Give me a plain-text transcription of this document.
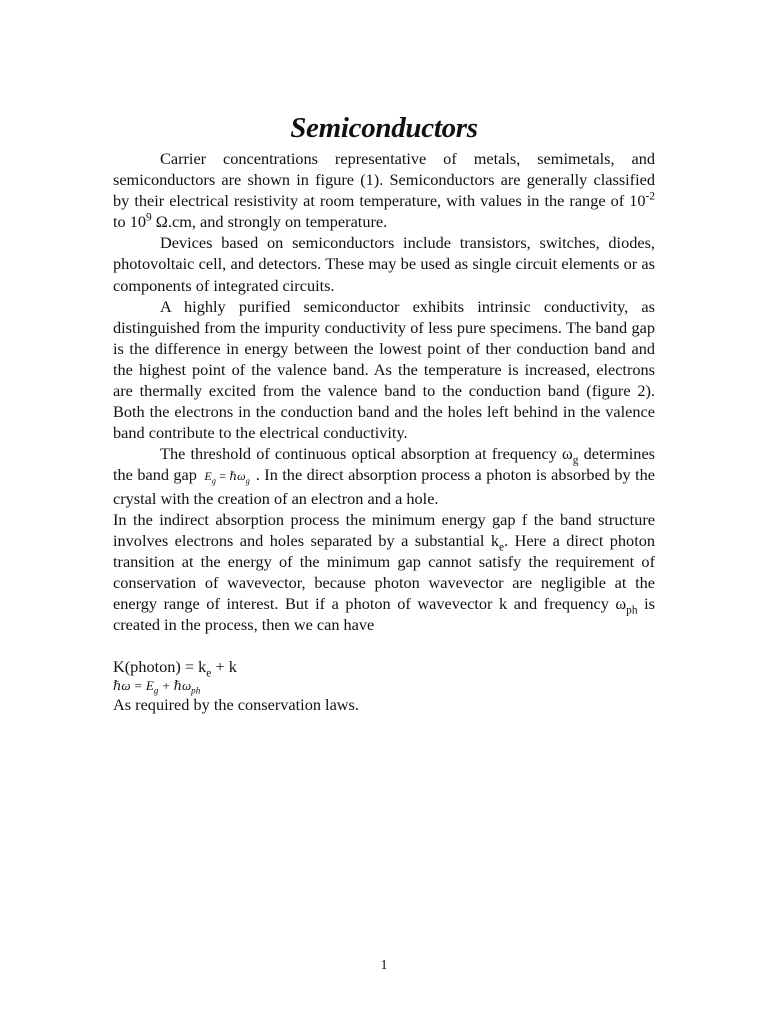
Semiconductors

Carrier concentrations representative of metals, semimetals, and semiconductors are shown in figure (1). Semiconductors are generally classified by their electrical resistivity at room temperature, with values in the range of $10^{-2}$ to $10^9$ Ω.cm, and strongly on temperature.

Devices based on semiconductors include transistors, switches, diodes, photovoltaic cell, and detectors. These may be used as single circuit elements or as components of integrated circuits.

A highly purified semiconductor exhibits intrinsic conductivity, as distinguished from the impurity conductivity of less pure specimens. The band gap is the difference in energy between the lowest point of ther conduction band and the highest point of the valence band. As the temperature is increased, electrons are thermally excited from the valence band to the conduction band (figure 2). Both the electrons in the conduction band and the holes left behind in the valence band contribute to the electrical conductivity.

The threshold of continuous optical absorption at frequency $\omega_g$ determines the band gap $E_g$ = ℏω$_g$ . In the direct absorption process a photon is absorbed by the crystal with the creation of an electron and a hole.

In the indirect absorption process the minimum energy gap f the band structure involves electrons and holes separated by a substantial $k_e$. Here a direct photon transition at the energy of the minimum gap cannot satisfy the requirement of conservation of wavevector, because photon wavevector are negligible at the energy range of interest. But if a photon of wavevector k and frequency $\omega_{ph}$ is created in the process, then we can have

K(photon) = $k_e + k$

ℏω = $E_g$ + ℏω$_{ph}$

As required by the conservation laws.

1
